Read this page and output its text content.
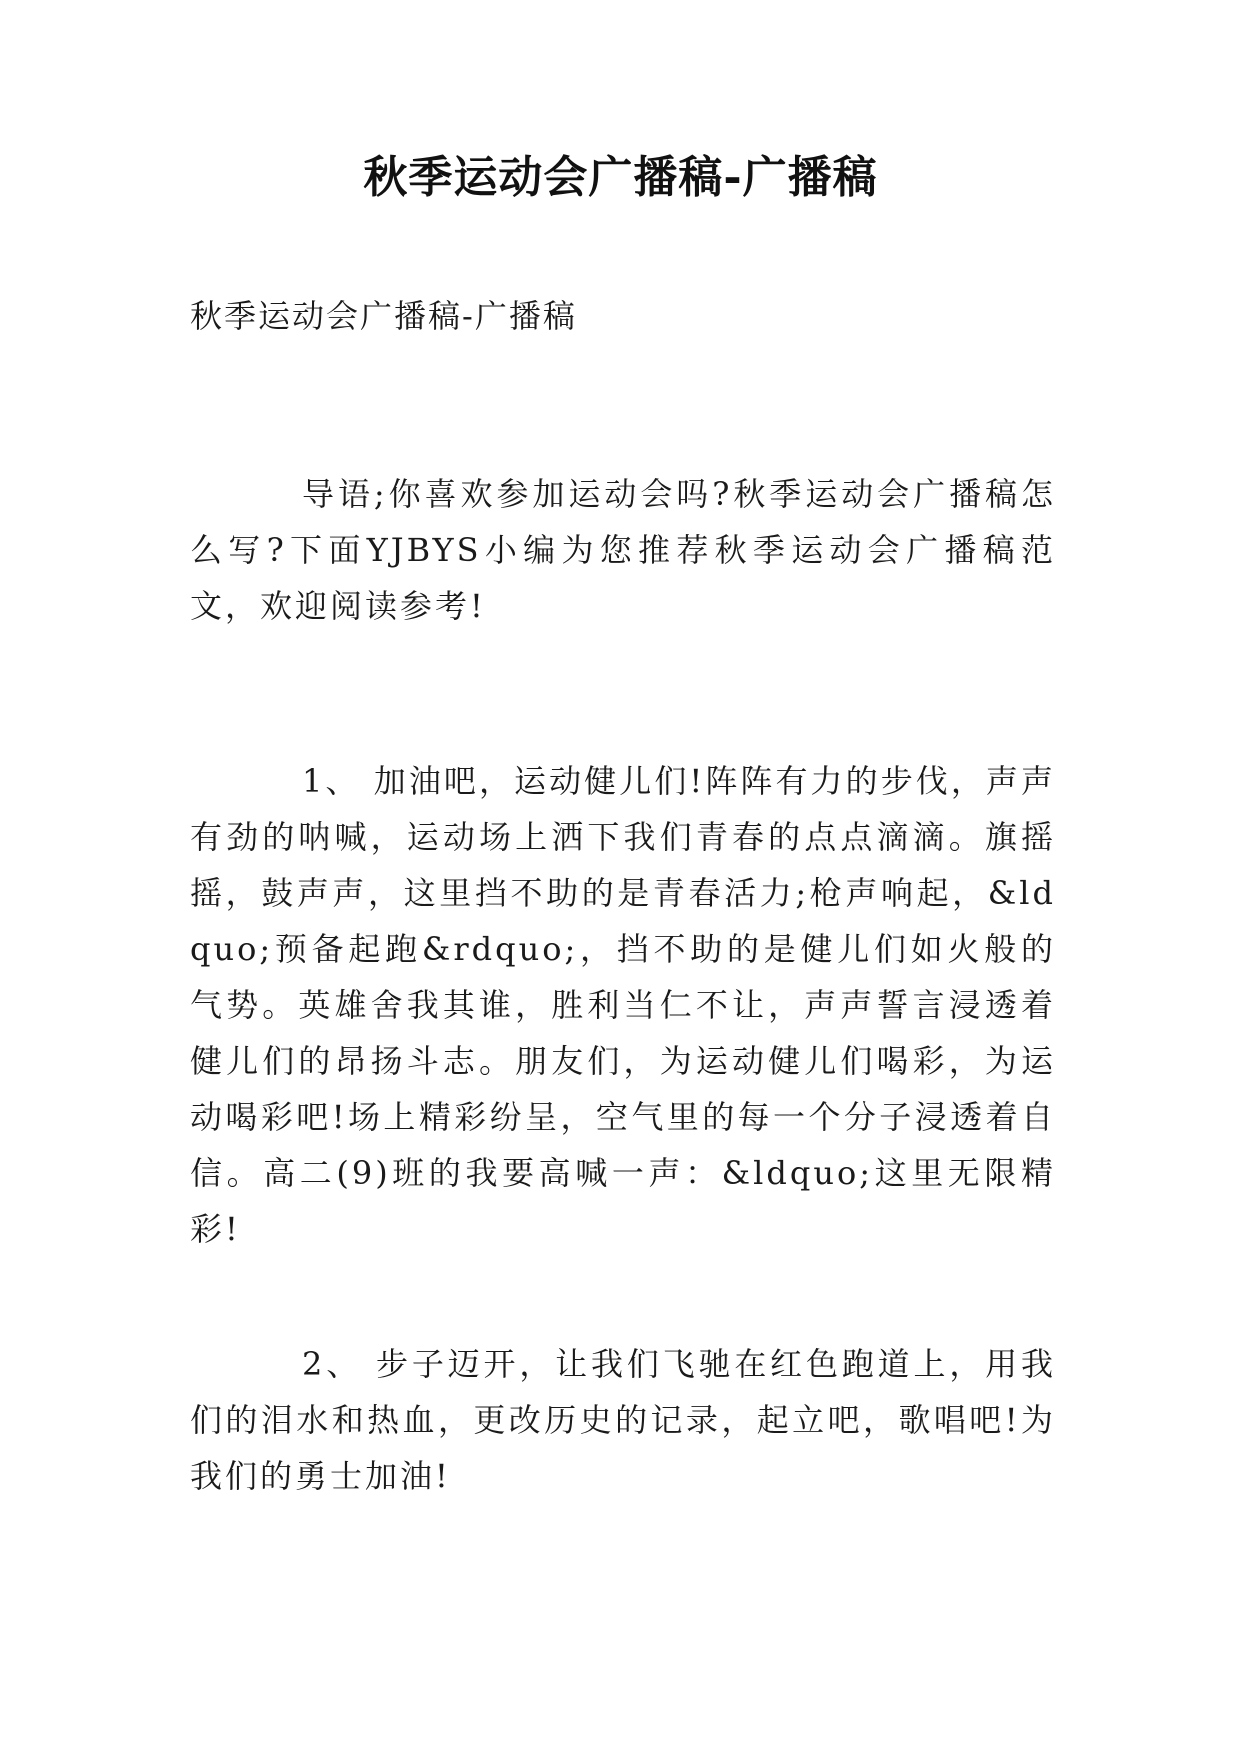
秋季运动会广播稿-广播稿

秋季运动会广播稿-广播稿

导语;你喜欢参加运动会吗?秋季运动会广播稿怎么写?下面YJBYS小编为您推荐秋季运动会广播稿范文，欢迎阅读参考!

1、 加油吧，运动健儿们!阵阵有力的步伐，声声有劲的呐喊，运动场上洒下我们青春的点点滴滴。旗摇摇，鼓声声，这里挡不助的是青春活力;枪声响起，&ldquo;预备起跑&rdquo;，挡不助的是健儿们如火般的气势。英雄舍我其谁，胜利当仁不让，声声誓言浸透着健儿们的昂扬斗志。朋友们，为运动健儿们喝彩，为运动喝彩吧!场上精彩纷呈，空气里的每一个分子浸透着自信。高二(9)班的我要高喊一声：&ldquo;这里无限精彩!

2、 步子迈开，让我们飞驰在红色跑道上，用我们的泪水和热血，更改历史的记录，起立吧，歌唱吧!为我们的勇士加油!
